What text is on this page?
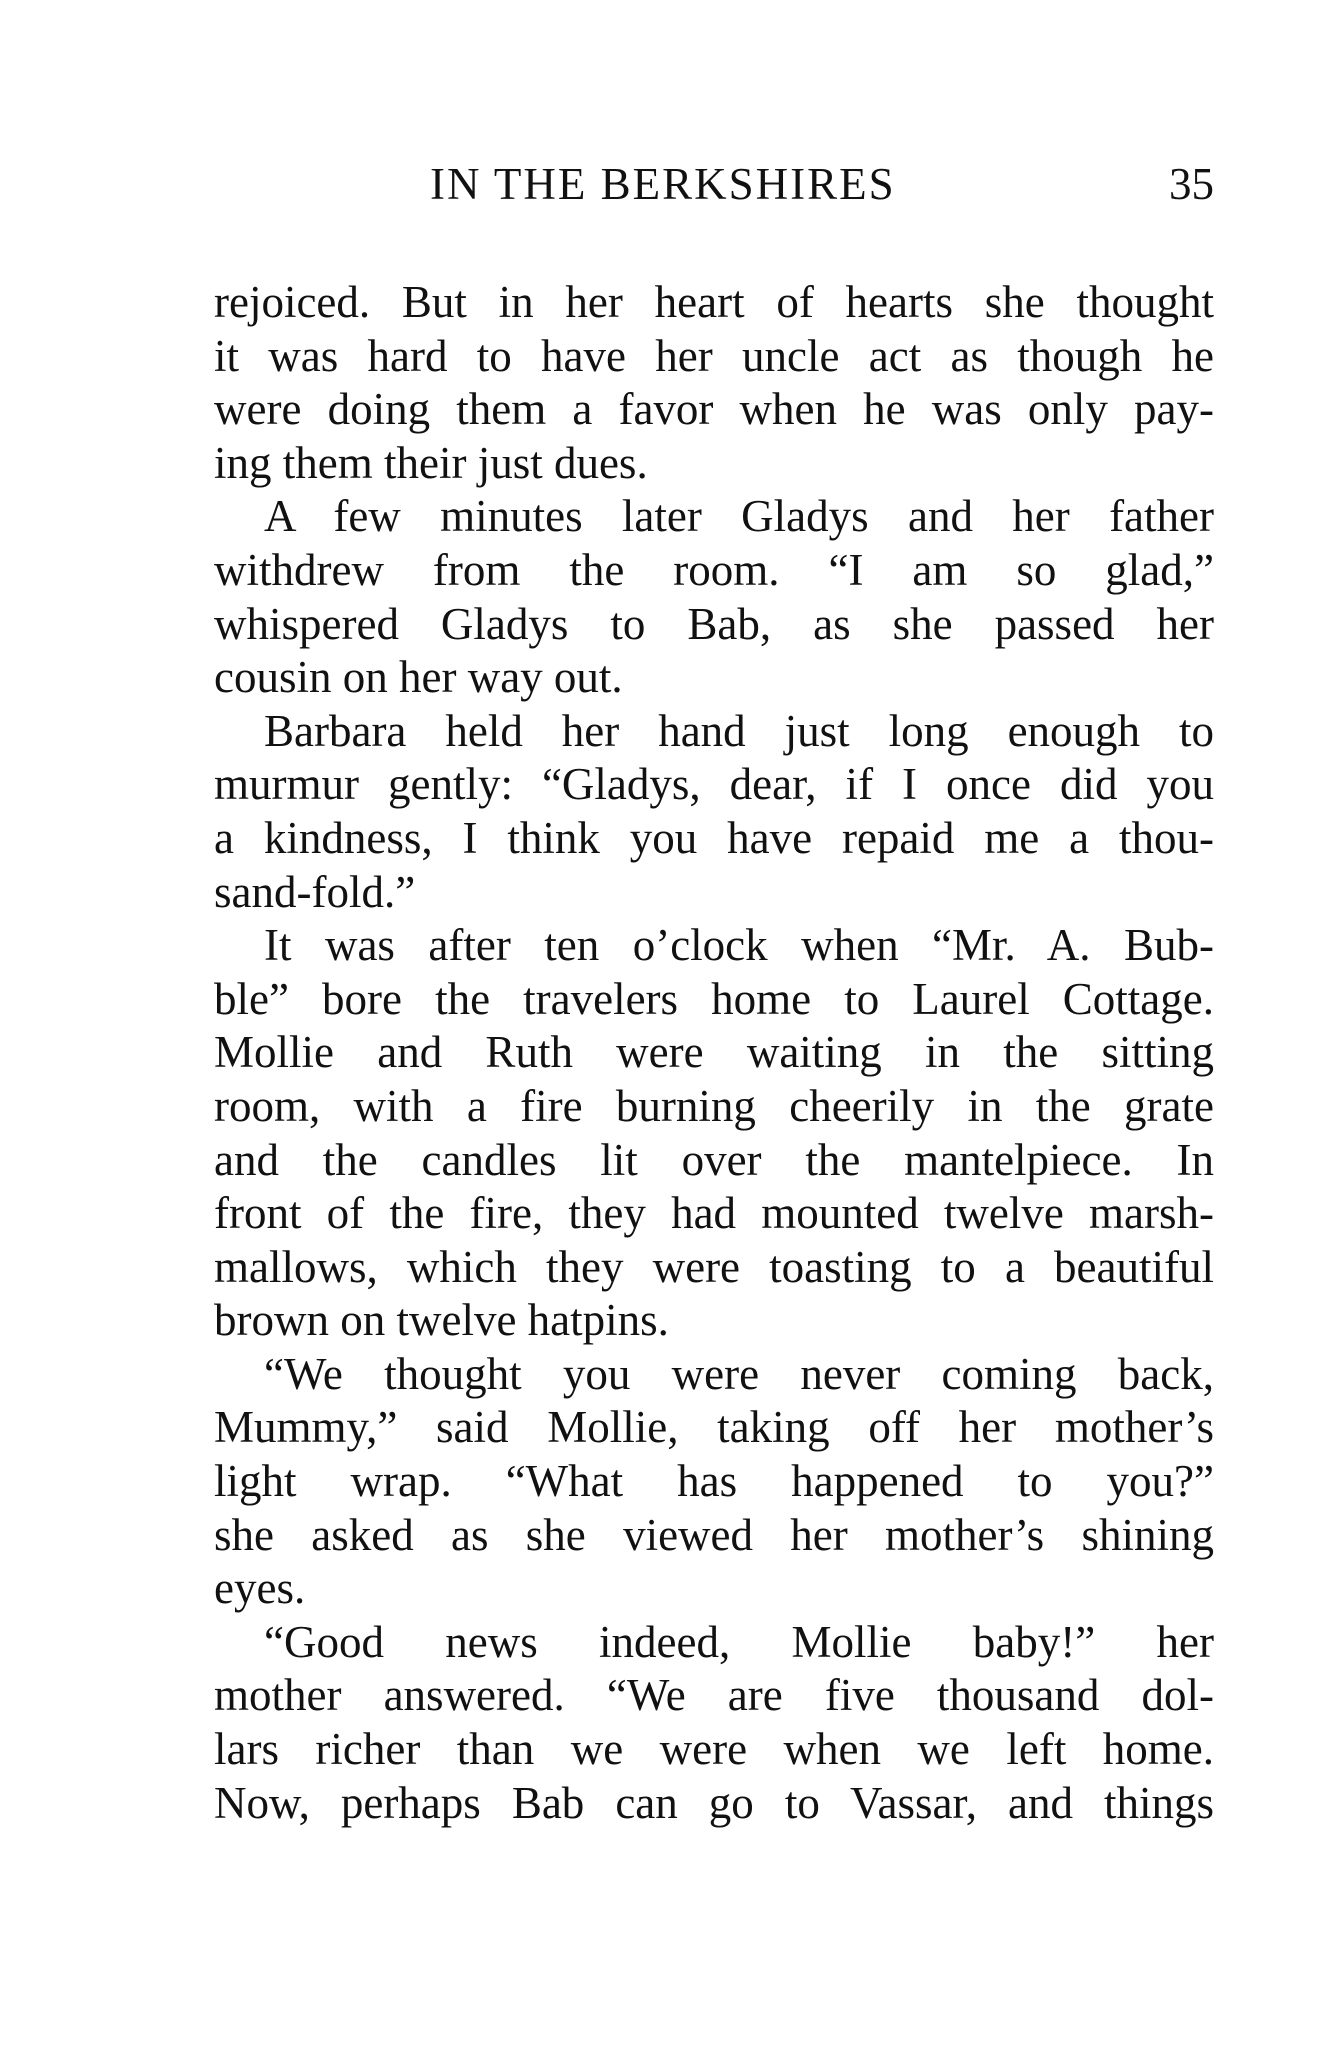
IN THE BERKSHIRES	35
rejoiced. But in her heart of hearts she thought
it was hard to have her uncle act as though he
were doing them a favor when he was only pay-
ing them their just dues.
A few minutes later Gladys and her father
withdrew from the room. “I am so glad,”
whispered Gladys to Bab, as she passed her
cousin on her way out.
Barbara held her hand just long enough to
murmur gently: “Gladys, dear, if I once did you
a kindness, I think you have repaid me a thou-
sand-fold.”
It was after ten o’clock when “Mr. A. Bub-
ble” bore the travelers home to Laurel Cottage.
Mollie and Ruth were waiting in the sitting
room, with a fire burning cheerily in the grate
and the candles lit over the mantelpiece. In
front of the fire, they had mounted twelve marsh-
mallows, which they were toasting to a beautiful
brown on twelve hatpins.
“We thought you were never coming back,
Mummy,” said Mollie, taking off her mother’s
light wrap. “What has happened to you?”
she asked as she viewed her mother’s shining
eyes.
“Good news indeed, Mollie baby!” her
mother answered. “We are five thousand dol-
lars richer than we were when we left home.
Now, perhaps Bab can go to Vassar, and things
